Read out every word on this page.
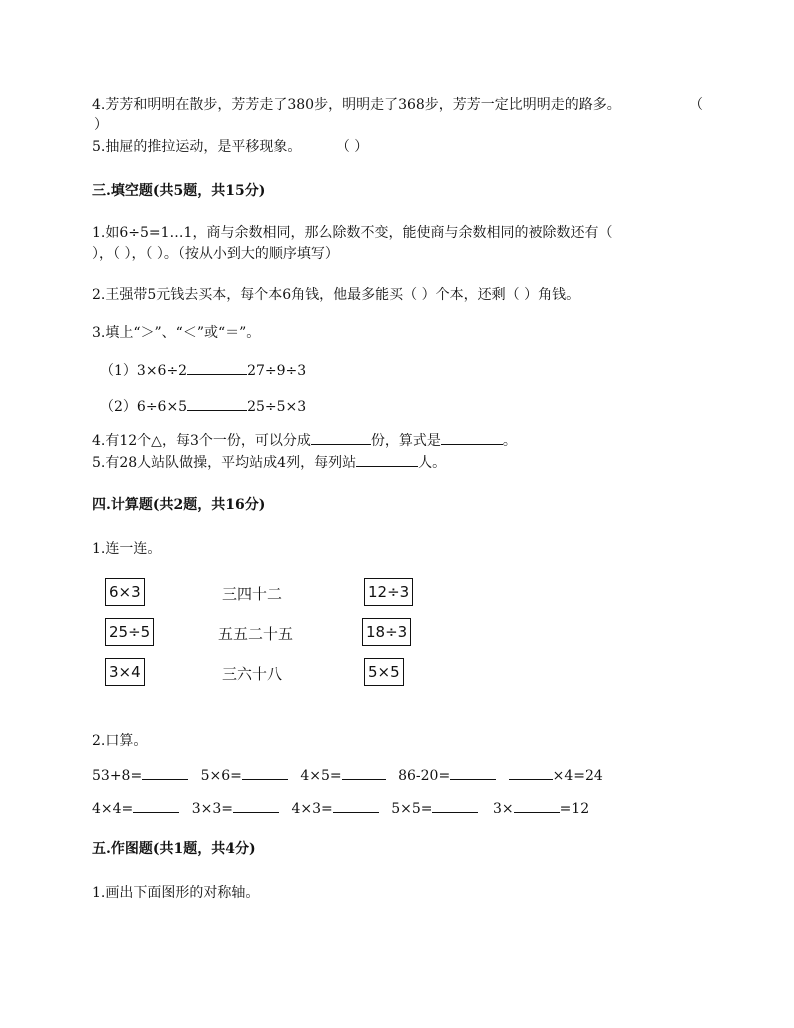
4.芳芳和明明在散步，芳芳走了380步，明明走了368步，芳芳一定比明明走的路多。	（
）
5.抽屉的推拉运动，是平移现象。 （ ）
三.填空题(共5题，共15分)
1.如6÷5=1…1，商与余数相同，那么除数不变，能使商与余数相同的被除数还有（
），（ ），（ ）。（按从小到大的顺序填写）
2.王强带5元钱去买本，每个本6角钱，他最多能买（ ）个本，还剩（ ）角钱。
3.填上“＞”、“＜”或“＝”。
（1）3×6÷2	27÷9÷3
（2）6÷6×5	25÷5×3
4.有12个△，每3个一份，可以分成	份，算式是	。
5.有28人站队做操，平均站成4列，每列站	人。
四.计算题(共2题，共16分)
1.连一连。
6×3
25÷5
3×4
三四十二
五五二十五
三六十八
12÷3
18÷3
5×5
2.口算。
53+8=	5×6=	4×5=	86-20=	×4=24
4×4=	3×3=	4×3=	5×5=	3×	=12
五.作图题(共1题，共4分)
1.画出下面图形的对称轴。
